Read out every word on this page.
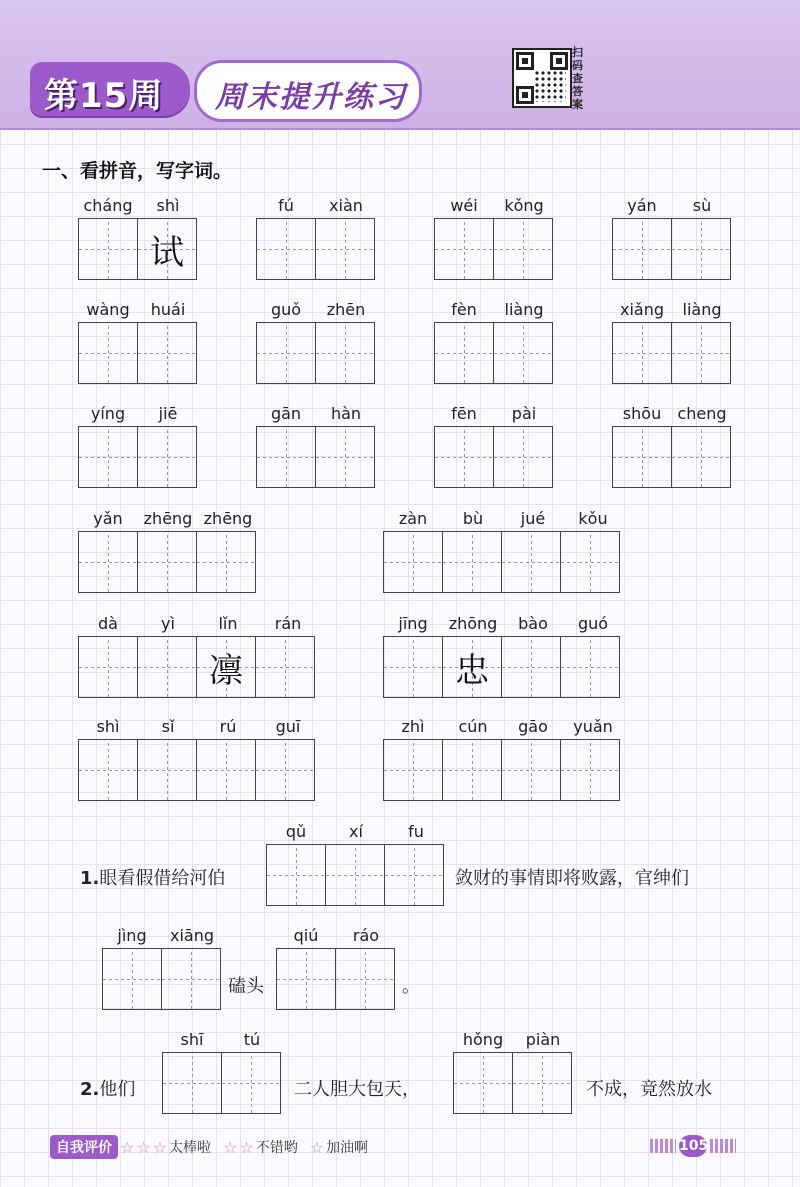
第15周 周末提升练习
扫码查答案
一、看拼音，写字词。
cháng	shì
试
fú	xiàn	wéi	kǒng	yán	sù
wàng	huái	guǒ	zhēn	fèn	liàng	xiǎng	liàng
yíng	jiē	gān	hàn	fēn	pài	shōu	cheng
yǎn	zhēng zhēng	zàn	bù	jué	kǒu
dà	yì	lǐn	rán
凛
jīng	zhōng	bào	guó
忠
shì	sǐ	rú	guī	zhì	cún	gāo	yuǎn
qǔ	xí	fu
jìng	xiāng	qiú	ráo
shī	tú	hǒng	piàn
1.眼看假借给河伯	敛财的事情即将败露，官绅们
磕头	。
2.他们	二人胆大包天，	不成，竟然放水
自我评价 ☆ ☆ ☆ 太棒啦 ☆ ☆ 不错哟 ☆ 加油啊	105
